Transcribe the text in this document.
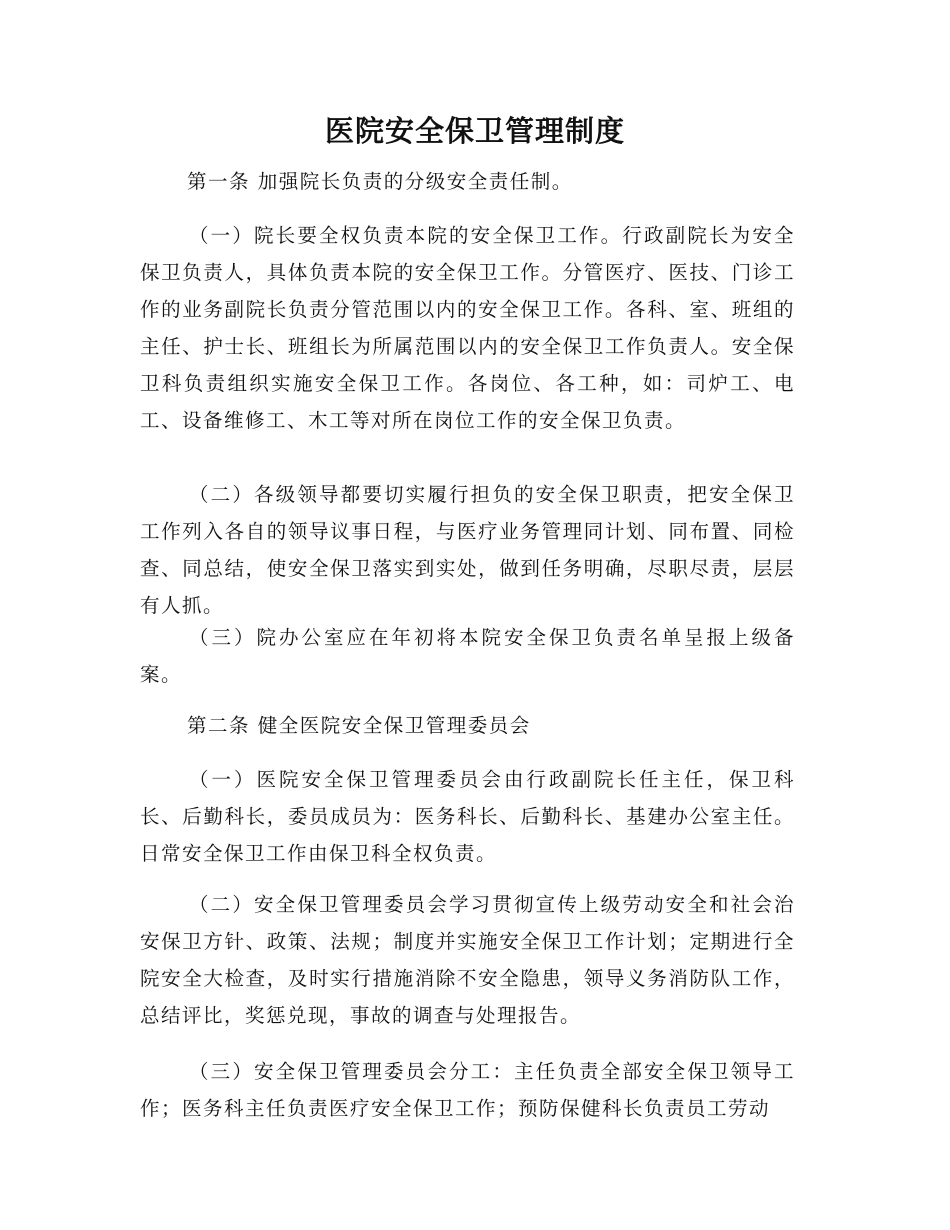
医院安全保卫管理制度

第一条 加强院长负责的分级安全责任制。

（一）院长要全权负责本院的安全保卫工作。行政副院长为安全保卫负责人，具体负责本院的安全保卫工作。分管医疗、医技、门诊工作的业务副院长负责分管范围以内的安全保卫工作。各科、室、班组的主任、护士长、班组长为所属范围以内的安全保卫工作负责人。安全保卫科负责组织实施安全保卫工作。各岗位、各工种，如：司炉工、电工、设备维修工、木工等对所在岗位工作的安全保卫负责。

（二）各级领导都要切实履行担负的安全保卫职责，把安全保卫工作列入各自的领导议事日程，与医疗业务管理同计划、同布置、同检查、同总结，使安全保卫落实到实处，做到任务明确，尽职尽责，层层有人抓。

（三）院办公室应在年初将本院安全保卫负责名单呈报上级备案。

第二条 健全医院安全保卫管理委员会

（一）医院安全保卫管理委员会由行政副院长任主任，保卫科长、后勤科长，委员成员为：医务科长、后勤科长、基建办公室主任。日常安全保卫工作由保卫科全权负责。

（二）安全保卫管理委员会学习贯彻宣传上级劳动安全和社会治安保卫方针、政策、法规；制度并实施安全保卫工作计划；定期进行全院安全大检查，及时实行措施消除不安全隐患，领导义务消防队工作，总结评比，奖惩兑现，事故的调查与处理报告。

（三）安全保卫管理委员会分工：主任负责全部安全保卫领导工作；医务科主任负责医疗安全保卫工作；预防保健科长负责员工劳动
